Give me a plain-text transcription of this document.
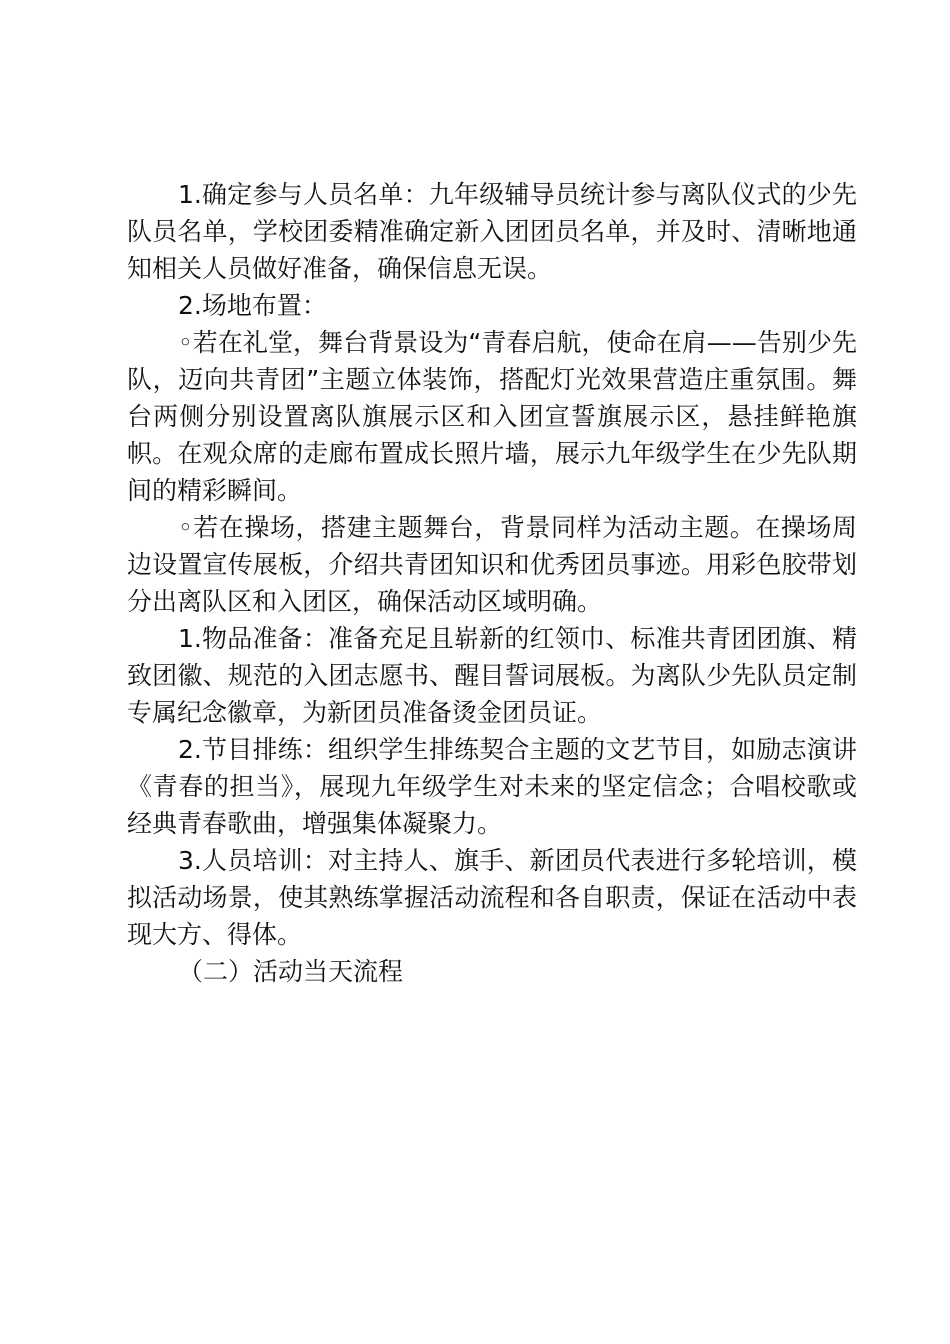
1.确定参与人员名单：九年级辅导员统计参与离队仪式的少先队员名单，学校团委精准确定新入团团员名单，并及时、清晰地通知相关人员做好准备，确保信息无误。

2.场地布置：

◦若在礼堂，舞台背景设为“青春启航，使命在肩——告别少先队，迈向共青团”主题立体装饰，搭配灯光效果营造庄重氛围。舞台两侧分别设置离队旗展示区和入团宣誓旗展示区，悬挂鲜艳旗帜。在观众席的走廊布置成长照片墙，展示九年级学生在少先队期间的精彩瞬间。

◦若在操场，搭建主题舞台，背景同样为活动主题。在操场周边设置宣传展板，介绍共青团知识和优秀团员事迹。用彩色胶带划分出离队区和入团区，确保活动区域明确。

1.物品准备：准备充足且崭新的红领巾、标准共青团团旗、精致团徽、规范的入团志愿书、醒目誓词展板。为离队少先队员定制专属纪念徽章，为新团员准备烫金团员证。

2.节目排练：组织学生排练契合主题的文艺节目，如励志演讲《青春的担当》，展现九年级学生对未来的坚定信念；合唱校歌或经典青春歌曲，增强集体凝聚力。

3.人员培训：对主持人、旗手、新团员代表进行多轮培训，模拟活动场景，使其熟练掌握活动流程和各自职责，保证在活动中表现大方、得体。

（二）活动当天流程
